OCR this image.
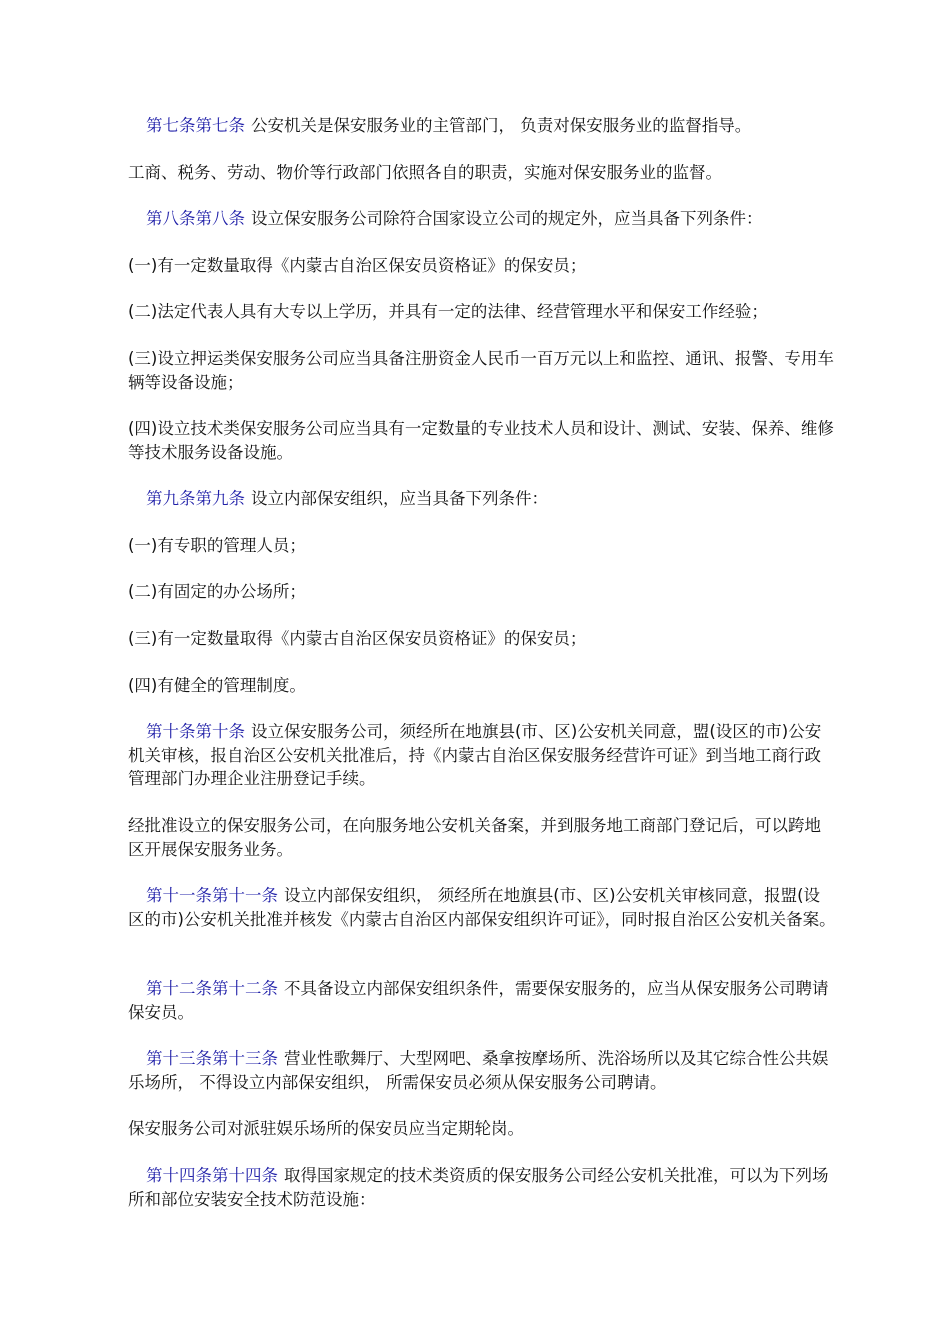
第七条第七条 公安机关是保安服务业的主管部门， 负责对保安服务业的监督指导。

工商、税务、劳动、物价等行政部门依照各自的职责，实施对保安服务业的监督。

第八条第八条 设立保安服务公司除符合国家设立公司的规定外，应当具备下列条件：

(一)有一定数量取得《内蒙古自治区保安员资格证》的保安员；

(二)法定代表人具有大专以上学历，并具有一定的法律、经营管理水平和保安工作经验；

(三)设立押运类保安服务公司应当具备注册资金人民币一百万元以上和监控、通讯、报警、专用车辆等设备设施；

(四)设立技术类保安服务公司应当具有一定数量的专业技术人员和设计、测试、安装、保养、维修等技术服务设备设施。

第九条第九条 设立内部保安组织，应当具备下列条件：

(一)有专职的管理人员；

(二)有固定的办公场所；

(三)有一定数量取得《内蒙古自治区保安员资格证》的保安员；

(四)有健全的管理制度。

第十条第十条 设立保安服务公司，须经所在地旗县(市、区)公安机关同意，盟(设区的市)公安机关审核，报自治区公安机关批准后，持《内蒙古自治区保安服务经营许可证》到当地工商行政管理部门办理企业注册登记手续。

经批准设立的保安服务公司，在向服务地公安机关备案，并到服务地工商部门登记后，可以跨地区开展保安服务业务。

第十一条第十一条 设立内部保安组织， 须经所在地旗县(市、区)公安机关审核同意，报盟(设区的市)公安机关批准并核发《内蒙古自治区内部保安组织许可证》，同时报自治区公安机关备案。

第十二条第十二条 不具备设立内部保安组织条件，需要保安服务的，应当从保安服务公司聘请保安员。

第十三条第十三条 营业性歌舞厅、大型网吧、桑拿按摩场所、洗浴场所以及其它综合性公共娱乐场所， 不得设立内部保安组织， 所需保安员必须从保安服务公司聘请。

保安服务公司对派驻娱乐场所的保安员应当定期轮岗。

第十四条第十四条 取得国家规定的技术类资质的保安服务公司经公安机关批准，可以为下列场所和部位安装安全技术防范设施：
